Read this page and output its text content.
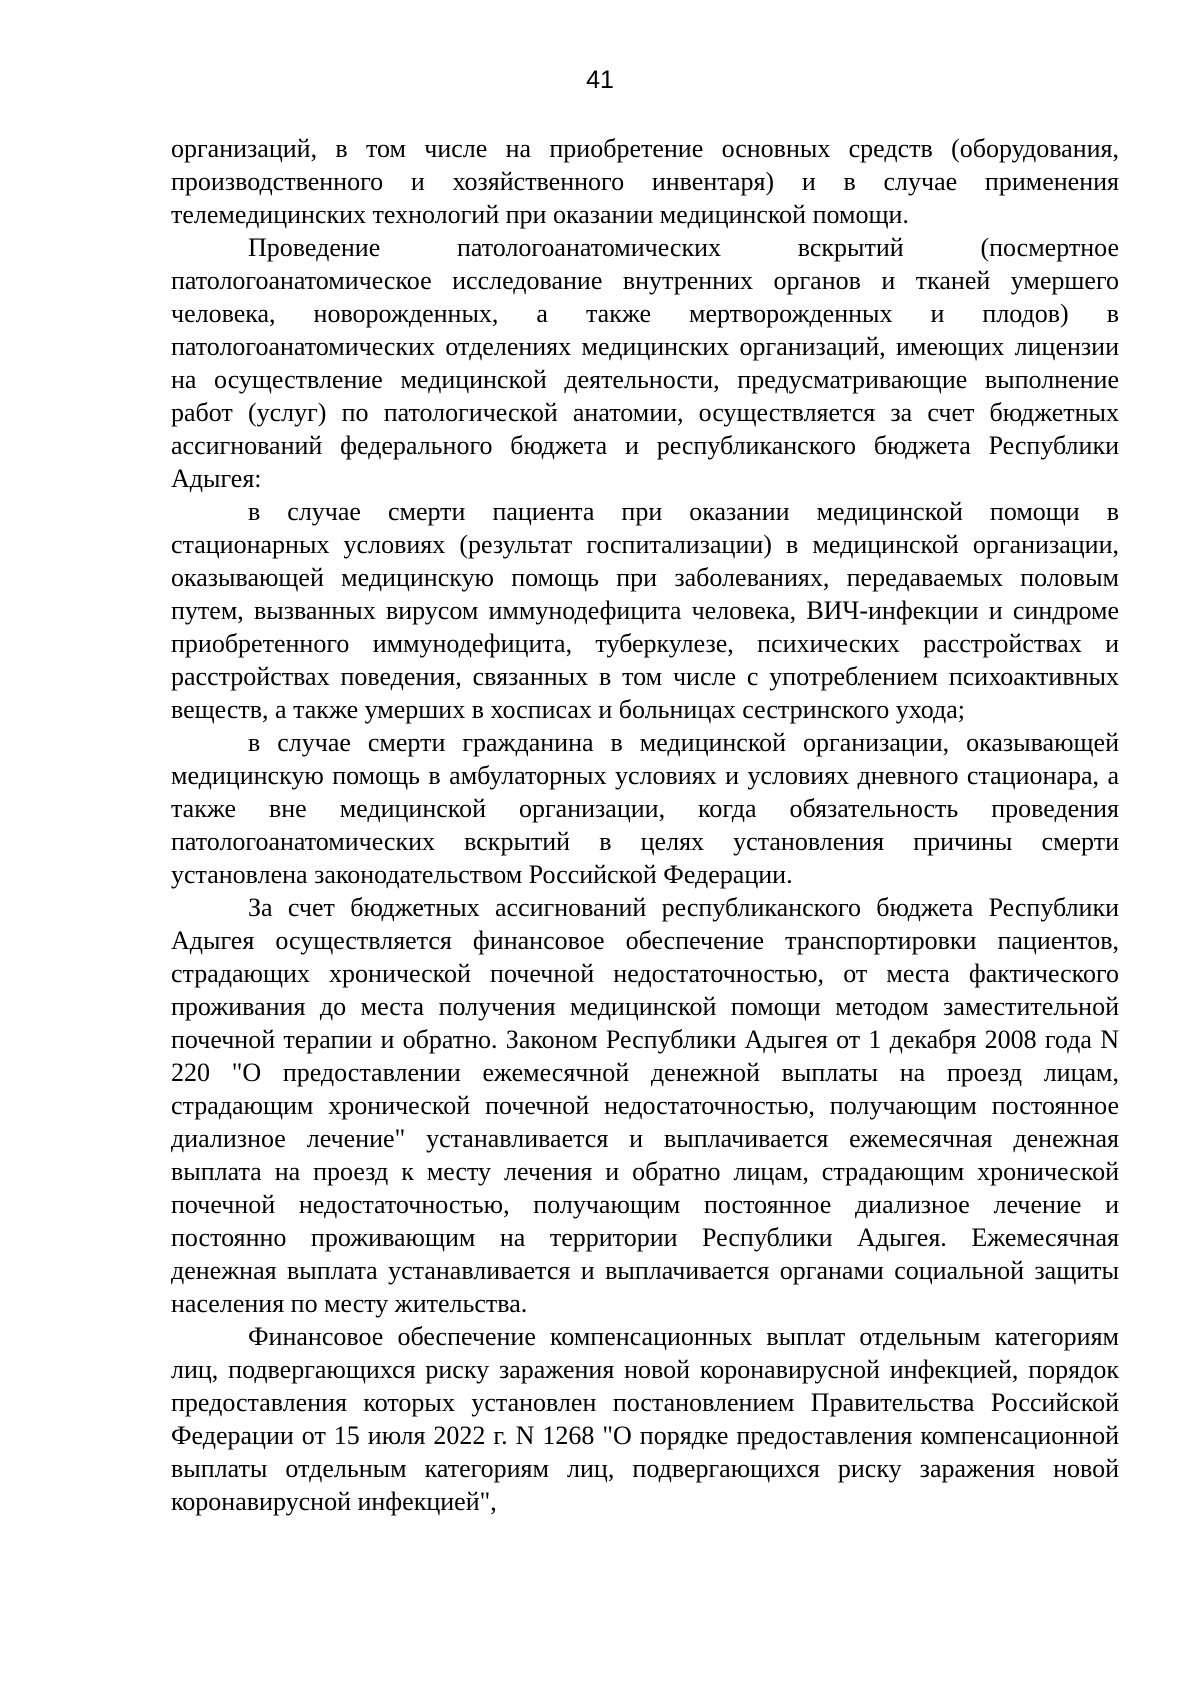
41

организаций, в том числе на приобретение основных средств (оборудования, производственного и хозяйственного инвентаря) и в случае применения телемедицинских технологий при оказании медицинской помощи.

Проведение патологоанатомических вскрытий (посмертное патологоанатомическое исследование внутренних органов и тканей умершего человека, новорожденных, а также мертворожденных и плодов) в патологоанатомических отделениях медицинских организаций, имеющих лицензии на осуществление медицинской деятельности, предусматривающие выполнение работ (услуг) по патологической анатомии, осуществляется за счет бюджетных ассигнований федерального бюджета и республиканского бюджета Республики Адыгея:

в случае смерти пациента при оказании медицинской помощи в стационарных условиях (результат госпитализации) в медицинской организации, оказывающей медицинскую помощь при заболеваниях, передаваемых половым путем, вызванных вирусом иммунодефицита человека, ВИЧ-инфекции и синдроме приобретенного иммунодефицита, туберкулезе, психических расстройствах и расстройствах поведения, связанных в том числе с употреблением психоактивных веществ, а также умерших в хосписах и больницах сестринского ухода;

в случае смерти гражданина в медицинской организации, оказывающей медицинскую помощь в амбулаторных условиях и условиях дневного стационара, а также вне медицинской организации, когда обязательность проведения патологоанатомических вскрытий в целях установления причины смерти установлена законодательством Российской Федерации.

За счет бюджетных ассигнований республиканского бюджета Республики Адыгея осуществляется финансовое обеспечение транспортировки пациентов, страдающих хронической почечной недостаточностью, от места фактического проживания до места получения медицинской помощи методом заместительной почечной терапии и обратно. Законом Республики Адыгея от 1 декабря 2008 года N 220 "О предоставлении ежемесячной денежной выплаты на проезд лицам, страдающим хронической почечной недостаточностью, получающим постоянное диализное лечение" устанавливается и выплачивается ежемесячная денежная выплата на проезд к месту лечения и обратно лицам, страдающим хронической почечной недостаточностью, получающим постоянное диализное лечение и постоянно проживающим на территории Республики Адыгея. Ежемесячная денежная выплата устанавливается и выплачивается органами социальной защиты населения по месту жительства.

Финансовое обеспечение компенсационных выплат отдельным категориям лиц, подвергающихся риску заражения новой коронавирусной инфекцией, порядок предоставления которых установлен постановлением Правительства Российской Федерации от 15 июля 2022 г. N 1268 "О порядке предоставления компенсационной выплаты отдельным категориям лиц, подвергающихся риску заражения новой коронавирусной инфекцией",
